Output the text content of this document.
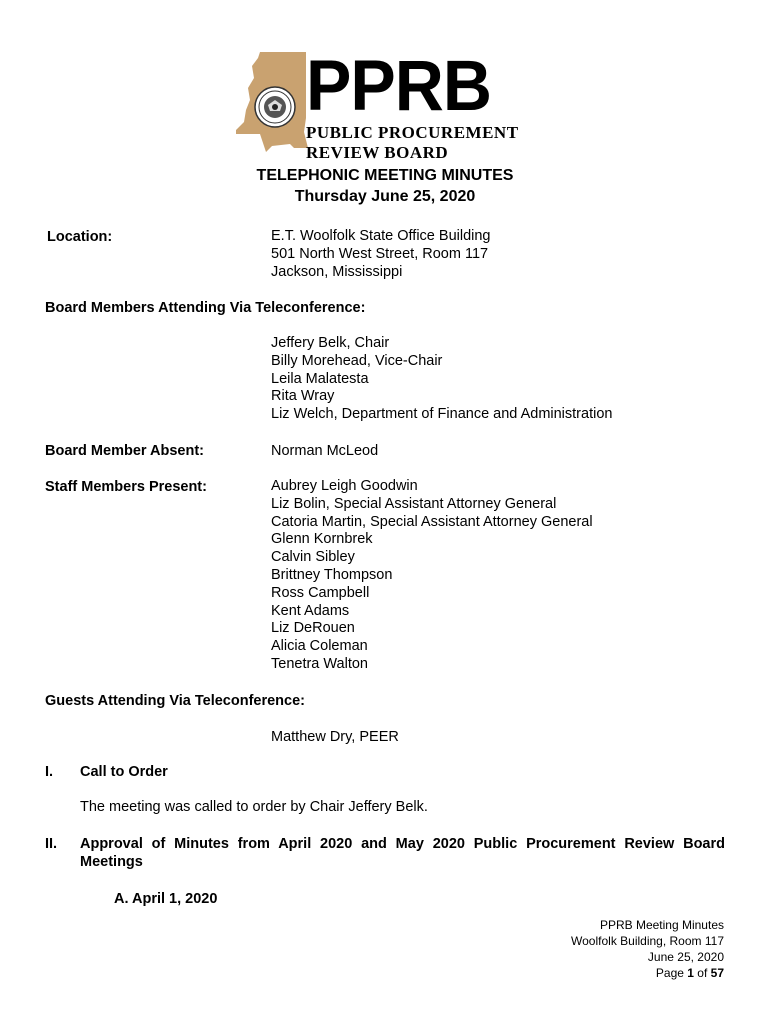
PPRB
PUBLIC PROCUREMENT
REVIEW BOARD
TELEPHONIC MEETING MINUTES
Thursday June 25, 2020
Location:	E.T. Woolfolk State Office Building
501 North West Street, Room 117
Jackson, Mississippi
Board Members Attending Via Teleconference:
Jeffery Belk, Chair
Billy Morehead, Vice-Chair
Leila Malatesta
Rita Wray
Liz Welch, Department of Finance and Administration
Board Member Absent:	Norman McLeod
Staff Members Present:	Aubrey Leigh Goodwin
Liz Bolin, Special Assistant Attorney General
Catoria Martin, Special Assistant Attorney General
Glenn Kornbrek
Calvin Sibley
Brittney Thompson
Ross Campbell
Kent Adams
Liz DeRouen
Alicia Coleman
Tenetra Walton
Guests Attending Via Teleconference:
Matthew Dry, PEER
I. Call to Order
The meeting was called to order by Chair Jeffery Belk.
II. Approval of Minutes from April 2020 and May 2020 Public Procurement Review Board Meetings
A. April 1, 2020
PPRB Meeting Minutes
Woolfolk Building, Room 117
June 25, 2020
Page 1 of 57
